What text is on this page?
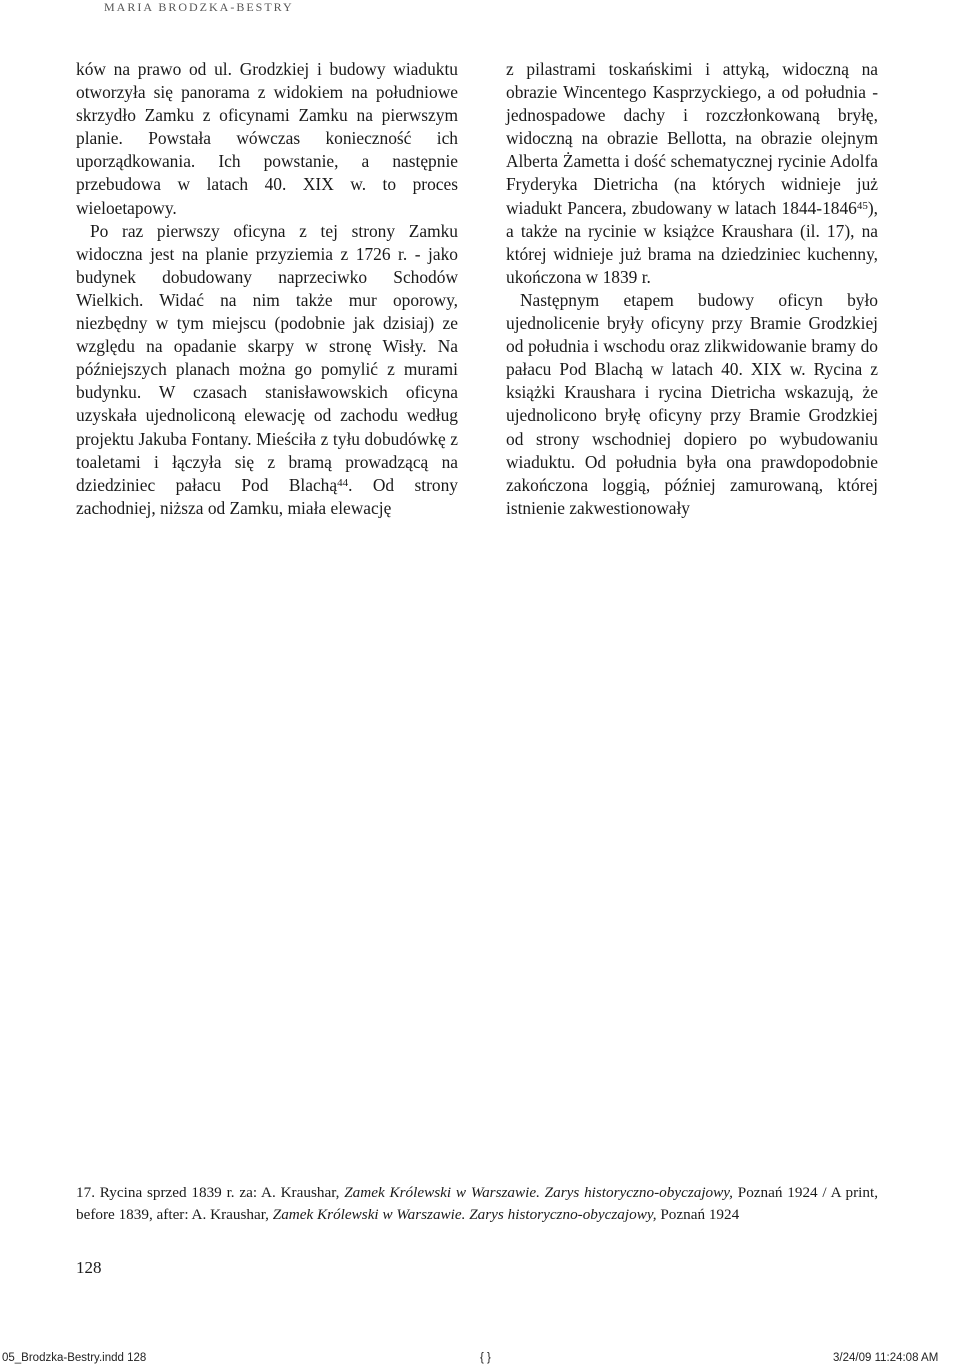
MARIA BRODZKA-BESTRY

ków na prawo od ul. Grodzkiej i budowy wiaduktu otworzyła się panorama z widokiem na południowe skrzydło Zamku z oficynami Zamku na pierwszym planie. Powstała wówczas konieczność ich uporządkowania. Ich powstanie, a następnie przebudowa w latach 40. XIX w. to proces wieloetapowy.

Po raz pierwszy oficyna z tej strony Zamku widoczna jest na planie przyziemia z 1726 r. - jako budynek dobudowany naprzeciwko Schodów Wielkich. Widać na nim także mur oporowy, niezbędny w tym miejscu (podobnie jak dzisiaj) ze względu na opadanie skarpy w stronę Wisły. Na późniejszych planach można go pomylić z murami budynku. W czasach stanisławowskich oficyna uzyskała ujednoliconą elewację od zachodu według projektu Jakuba Fontany. Mieściła z tyłu dobudówkę z toaletami i łączyła się z bramą prowadzącą na dziedziniec pałacu Pod Blachą$^{44}$. Od strony zachodniej, niższa od Zamku, miała elewację

z pilastrami toskańskimi i attyką, widoczną na obrazie Wincentego Kasprzyckiego, a od południa - jednospadowe dachy i rozczłonkowaną bryłę, widoczną na obrazie Bellotta, na obrazie olejnym Alberta Żametta i dość schematycznej rycinie Adolfa Fryderyka Dietricha (na których widnieje już wiadukt Pancera, zbudowany w latach 1844-1846$^{45}$), a także na rycinie w książce Kraushara (il. 17), na której widnieje już brama na dziedziniec kuchenny, ukończona w 1839 r.

Następnym etapem budowy oficyn było ujednolicenie bryły oficyny przy Bramie Grodzkiej od południa i wschodu oraz zlikwidowanie bramy do pałacu Pod Blachą w latach 40. XIX w. Rycina z książki Kraushara i rycina Dietricha wskazują, że ujednolicono bryłę oficyny przy Bramie Grodzkiej od strony wschodniej dopiero po wybudowaniu wiaduktu. Od południa była ona prawdopodobnie zakończona loggią, później zamurowaną, której istnienie zakwestionowały

17. Rycina sprzed 1839 r. za: A. Kraushar, Zamek Królewski w Warszawie. Zarys historyczno-obyczajowy, Poznań 1924 / A print, before 1839, after: A. Kraushar, Zamek Królewski w Warszawie. Zarys historyczno-obyczajowy, Poznań 1924
128
05_Brodzka-Bestry.indd 128	{ }	3/24/09 11:24:08 AM
